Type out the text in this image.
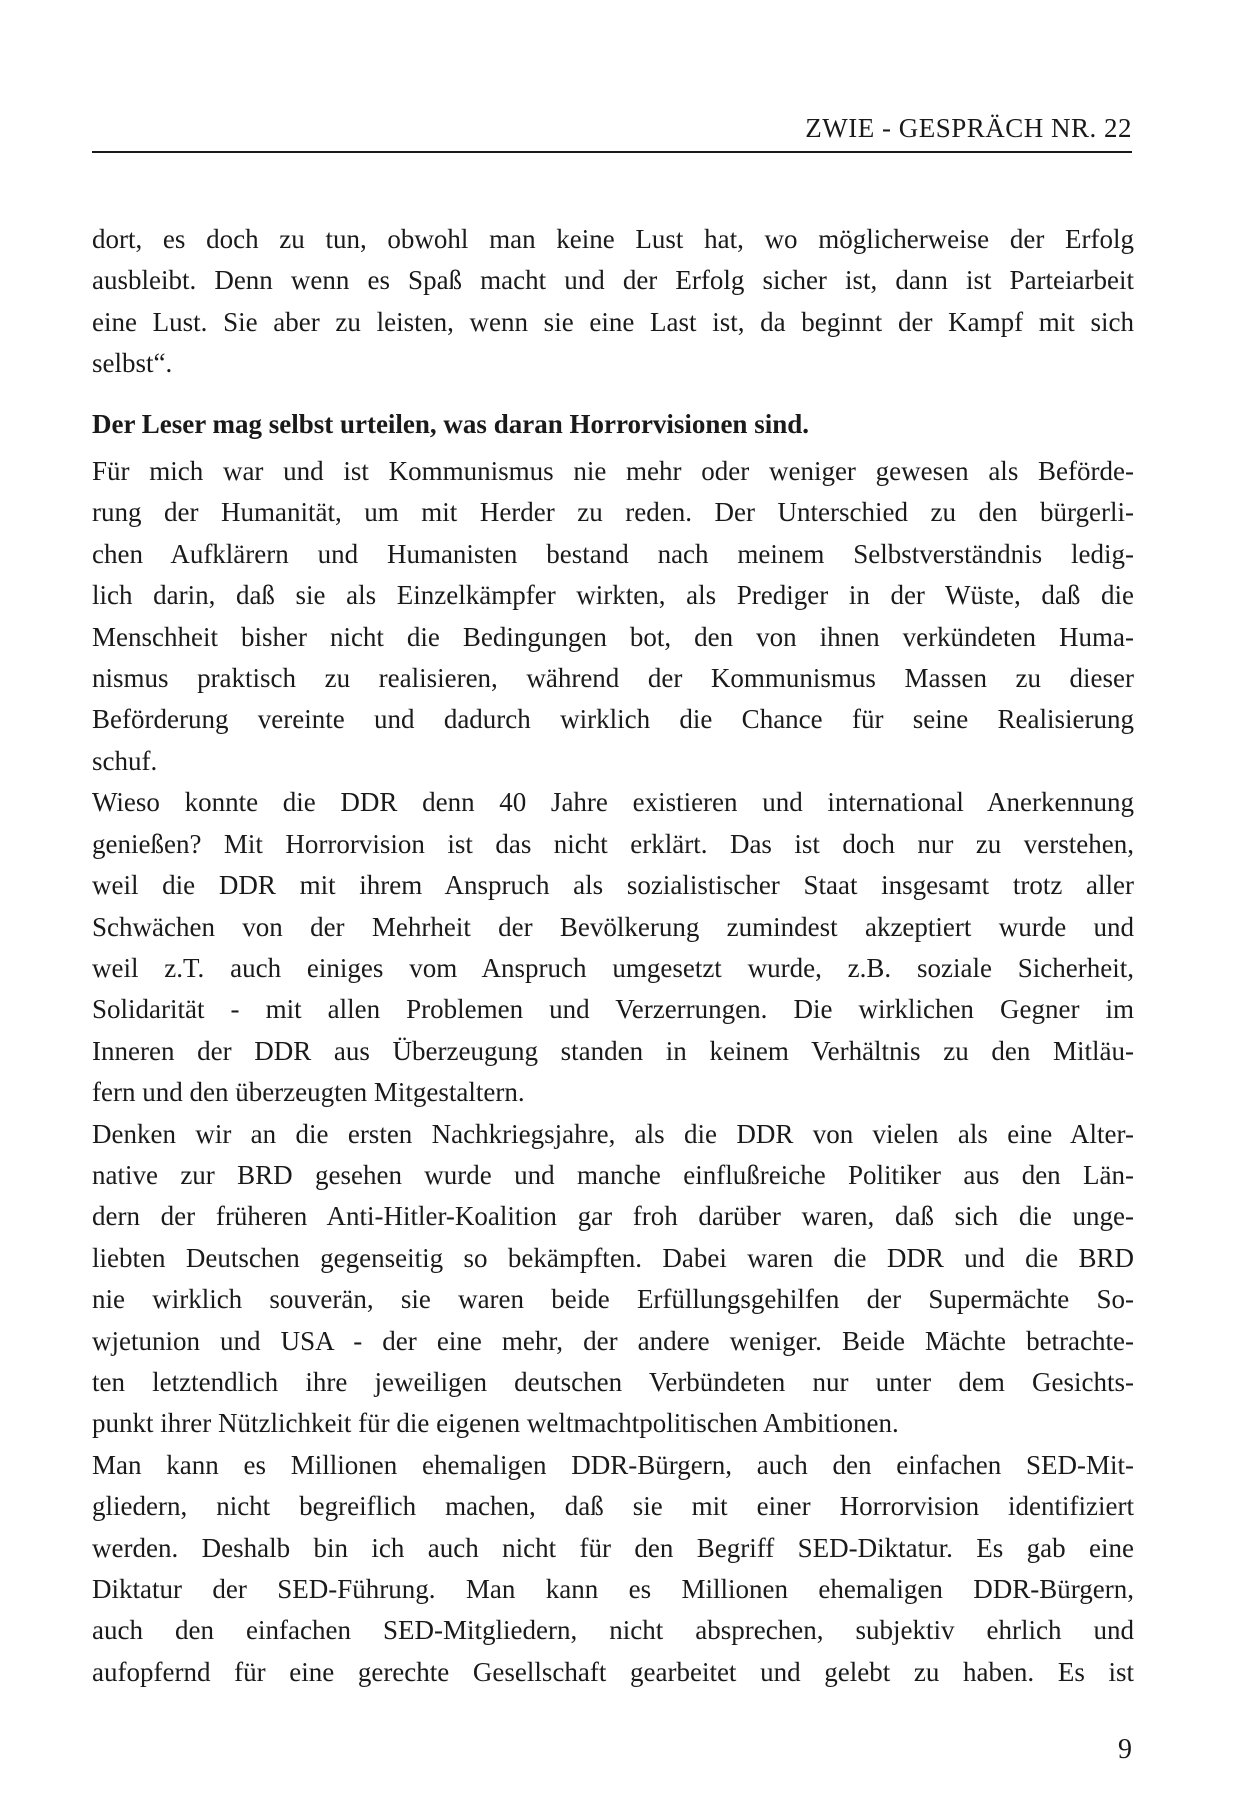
ZWIE - GESPRÄCH NR. 22

dort, es doch zu tun, obwohl man keine Lust hat, wo möglicherweise der Erfolg
ausbleibt. Denn wenn es Spaß macht und der Erfolg sicher ist, dann ist Parteiarbeit
eine Lust. Sie aber zu leisten, wenn sie eine Last ist, da beginnt der Kampf mit sich
selbst“.

Der Leser mag selbst urteilen, was daran Horrorvisionen sind.

Für mich war und ist Kommunismus nie mehr oder weniger gewesen als Beförde-
rung der Humanität, um mit Herder zu reden. Der Unterschied zu den bürgerli-
chen Aufklärern und Humanisten bestand nach meinem Selbstverständnis ledig-
lich darin, daß sie als Einzelkämpfer wirkten, als Prediger in der Wüste, daß die
Menschheit bisher nicht die Bedingungen bot, den von ihnen verkündeten Huma-
nismus praktisch zu realisieren, während der Kommunismus Massen zu dieser
Beförderung vereinte und dadurch wirklich die Chance für seine Realisierung
schuf.

Wieso konnte die DDR denn 40 Jahre existieren und international Anerkennung
genießen? Mit Horrorvision ist das nicht erklärt. Das ist doch nur zu verstehen,
weil die DDR mit ihrem Anspruch als sozialistischer Staat insgesamt trotz aller
Schwächen von der Mehrheit der Bevölkerung zumindest akzeptiert wurde und
weil z.T. auch einiges vom Anspruch umgesetzt wurde, z.B. soziale Sicherheit,
Solidarität - mit allen Problemen und Verzerrungen. Die wirklichen Gegner im
Inneren der DDR aus Überzeugung standen in keinem Verhältnis zu den Mitläu-
fern und den überzeugten Mitgestaltern.

Denken wir an die ersten Nachkriegsjahre, als die DDR von vielen als eine Alter-
native zur BRD gesehen wurde und manche einflußreiche Politiker aus den Län-
dern der früheren Anti-Hitler-Koalition gar froh darüber waren, daß sich die unge-
liebten Deutschen gegenseitig so bekämpften. Dabei waren die DDR und die BRD
nie wirklich souverän, sie waren beide Erfüllungsgehilfen der Supermächte So-
wjetunion und USA - der eine mehr, der andere weniger. Beide Mächte betrachte-
ten letztendlich ihre jeweiligen deutschen Verbündeten nur unter dem Gesichts-
punkt ihrer Nützlichkeit für die eigenen weltmachtpolitischen Ambitionen.

Man kann es Millionen ehemaligen DDR-Bürgern, auch den einfachen SED-Mit-
gliedern, nicht begreiflich machen, daß sie mit einer Horrorvision identifiziert
werden. Deshalb bin ich auch nicht für den Begriff SED-Diktatur. Es gab eine
Diktatur der SED-Führung. Man kann es Millionen ehemaligen DDR-Bürgern,
auch den einfachen SED-Mitgliedern, nicht absprechen, subjektiv ehrlich und
aufopfernd für eine gerechte Gesellschaft gearbeitet und gelebt zu haben. Es ist

9
